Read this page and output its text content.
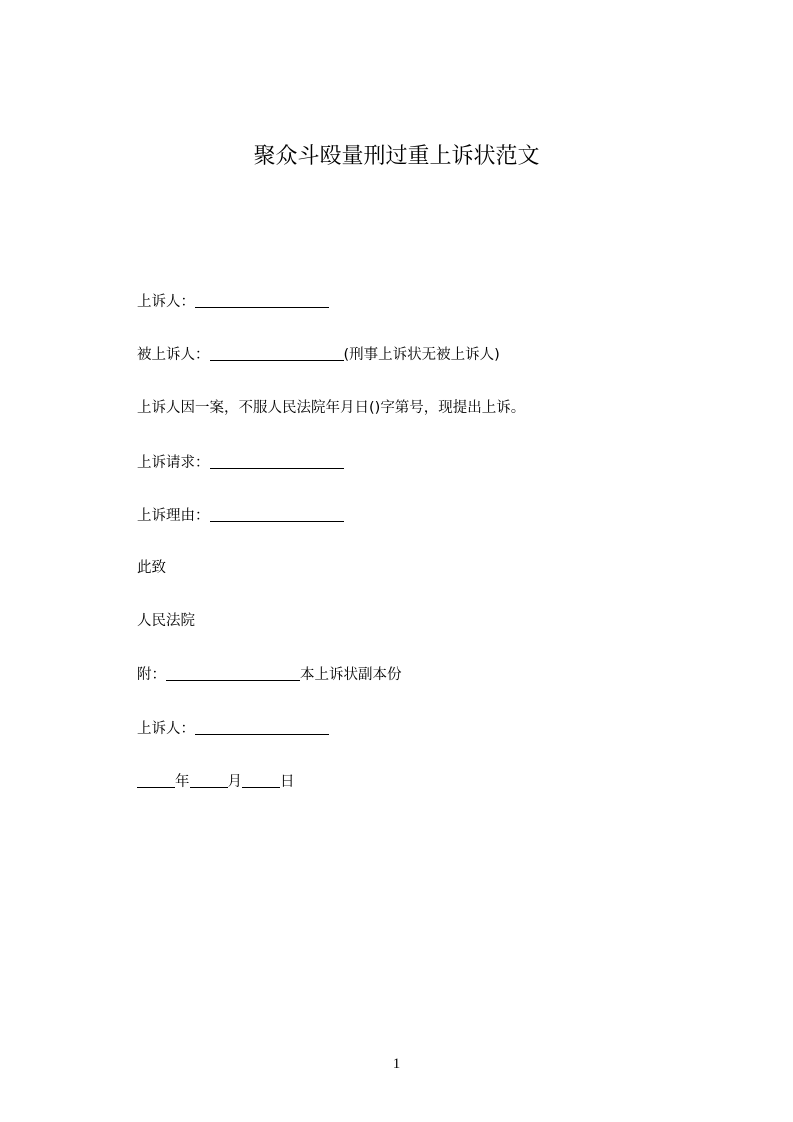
聚众斗殴量刑过重上诉状范文
上诉人：
被上诉人：	(刑事上诉状无被上诉人)
上诉人因一案，不服人民法院年月日()字第号，现提出上诉。
上诉请求：
上诉理由：
此致
人民法院
附：	本上诉状副本份
上诉人：
年	月	日
1
